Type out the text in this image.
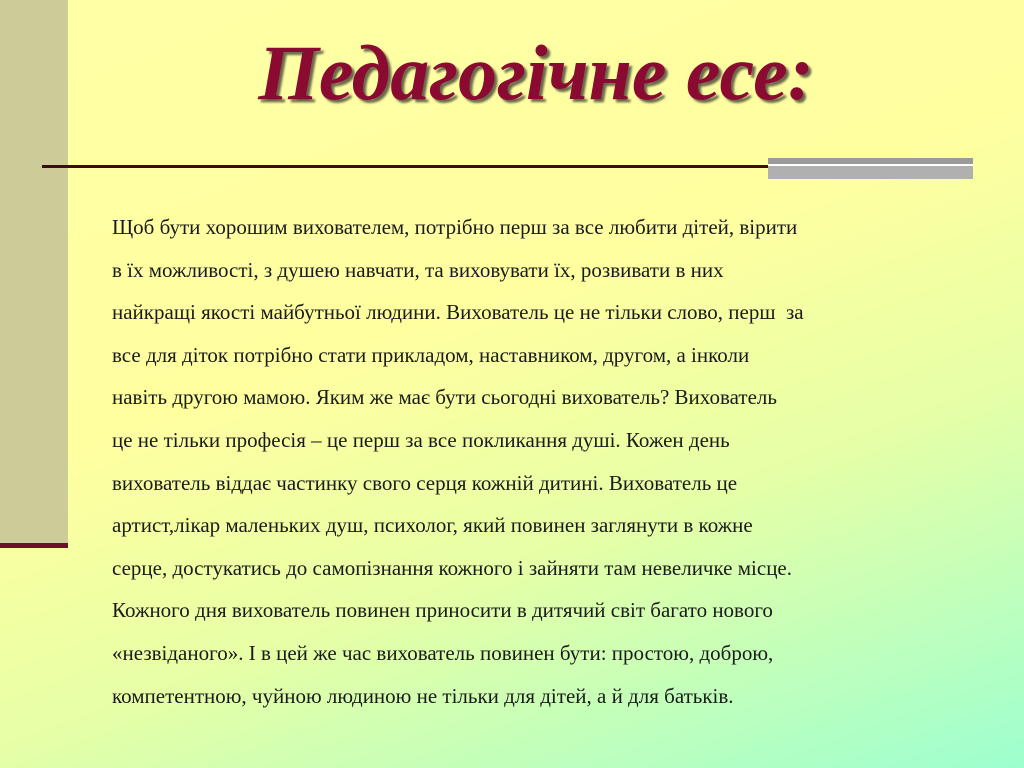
Педагогічне есе:
Щоб бути хорошим вихователем, потрібно перш за все любити дітей, вірити
в їх можливості, з душею навчати, та виховувати їх, розвивати в них
найкращі якості майбутньої людини. Вихователь це не тільки слово, перш  за
все для діток потрібно стати прикладом, наставником, другом, а інколи
навіть другою мамою. Яким же має бути сьогодні вихователь? Вихователь
це не тільки професія – це перш за все покликання душі. Кожен день
вихователь віддає частинку свого серця кожній дитині. Вихователь це
артист,лікар маленьких душ, психолог, який повинен заглянути в кожне
серце, достукатись до самопізнання кожного і зайняти там невеличке місце.
Кожного дня вихователь повинен приносити в дитячий світ багато нового
«незвіданого». І в цей же час вихователь повинен бути: простою, доброю,
компетентною, чуйною людиною не тільки для дітей, а й для батьків.
